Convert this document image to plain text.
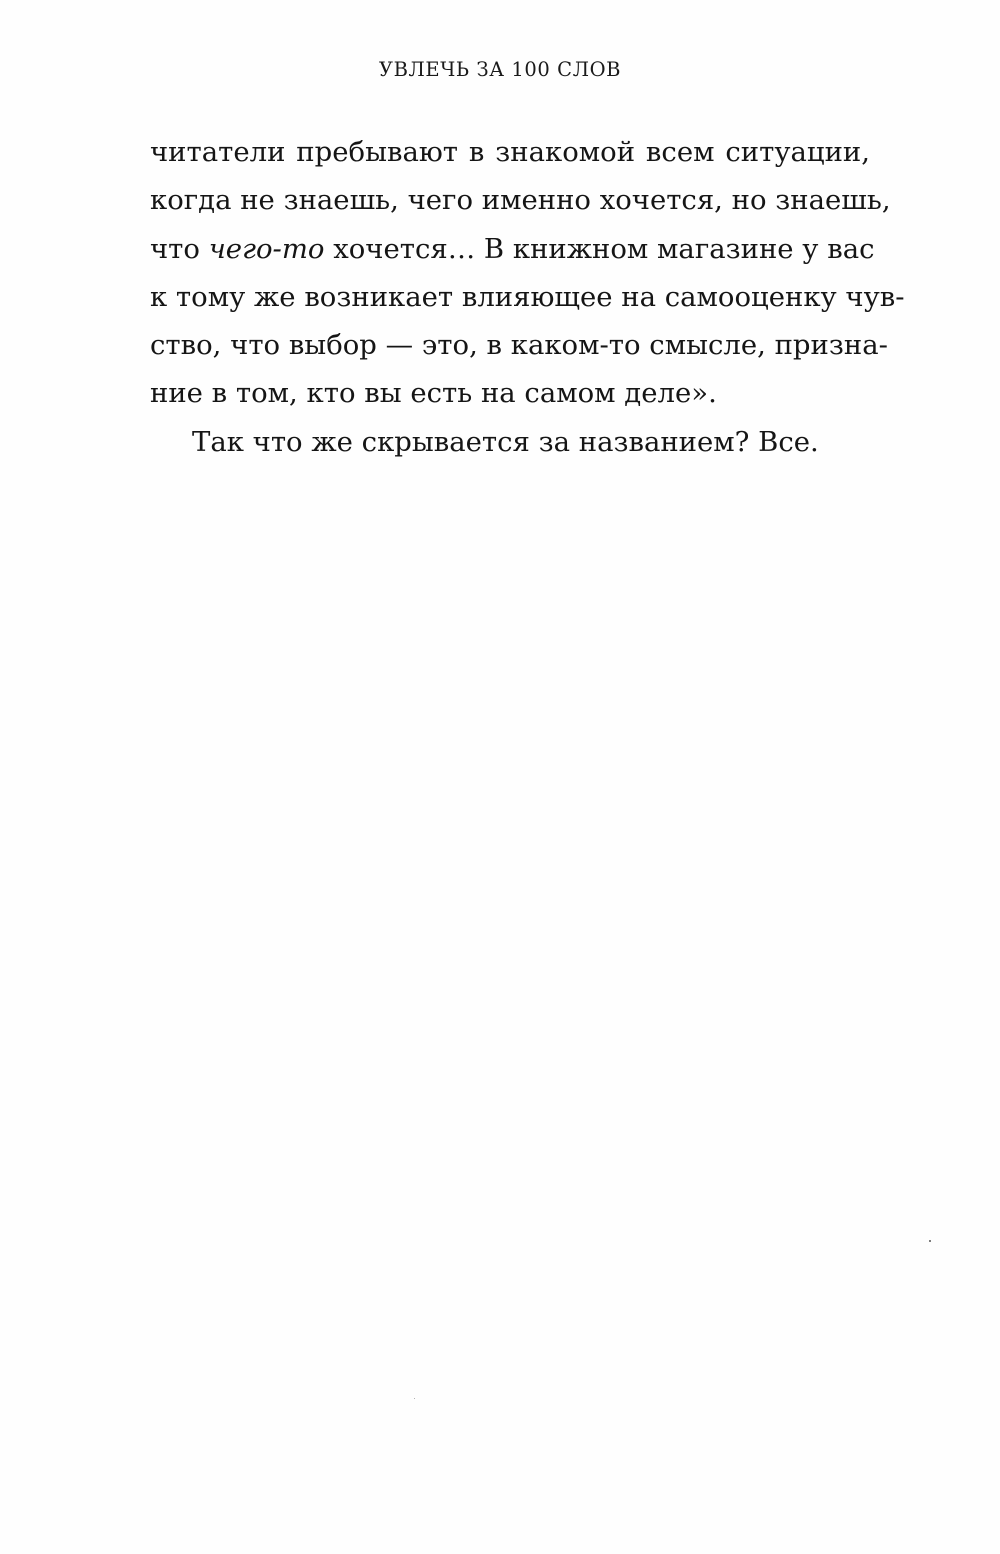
УВЛЕЧЬ ЗА 100 СЛОВ
читатели пребывают в знакомой всем ситуации,
когда не знаешь, чего именно хочется, но знаешь,
что чего-то хочется… В книжном магазине у вас
к тому же возникает влияющее на самооценку чув-
ство, что выбор — это, в каком-то смысле, призна-
ние в том, кто вы есть на самом деле».
Так что же скрывается за названием? Все.
